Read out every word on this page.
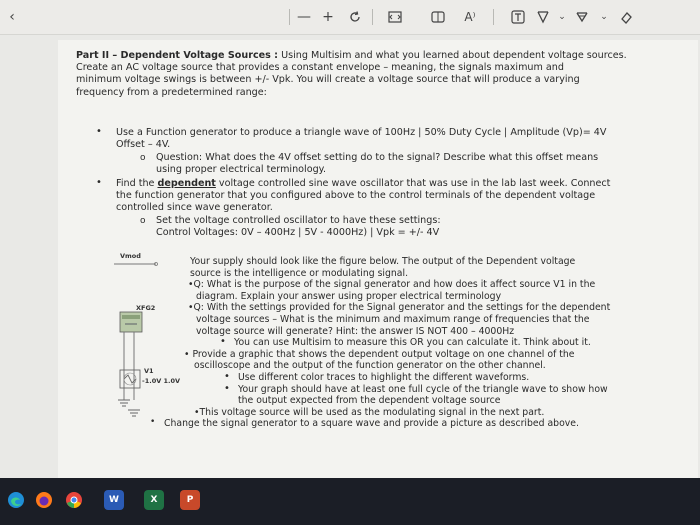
‹	— +	A⁾	⌄	⌄
Part II – Dependent Voltage Sources : Using Multisim and what you learned about dependent voltage sources.
Create an AC voltage source that provides a constant envelope – meaning, the signals maximum and
minimum voltage swings is between +/- Vpk. You will create a voltage source that will produce a varying
frequency from a predetermined range:
• Use a Function generator to produce a triangle wave of 100Hz | 50% Duty Cycle | Amplitude (Vp)= 4V
Offset – 4V.
o Question: What does the 4V offset setting do to the signal? Describe what this offset means
using proper electrical terminology.
• Find the dependent voltage controlled sine wave oscillator that was use in the lab last week. Connect
the function generator that you configured above to the control terminals of the dependent voltage
controlled since wave generator.
o Set the voltage controlled oscillator to have these settings:
Control Voltages: 0V – 400Hz | 5V - 4000Hz) | Vpk = +/- 4V
Vmod
XFG2
V1
-1.0V 1.0V
Your supply should look like the figure below. The output of the Dependent voltage
source is the intelligence or modulating signal.
•Q: What is the purpose of the signal generator and how does it affect source V1 in the
diagram. Explain your answer using proper electrical terminology
•Q: With the settings provided for the Signal generator and the settings for the dependent
voltage sources – What is the minimum and maximum range of frequencies that the
voltage source will generate? Hint: the answer IS NOT 400 – 4000Hz
• You can use Multisim to measure this OR you can calculate it. Think about it.
• Provide a graphic that shows the dependent output voltage on one channel of the
oscilloscope and the output of the function generator on the other channel.
• Use different color traces to highlight the different waveforms.
• Your graph should have at least one full cycle of the triangle wave to show how
the output expected from the dependent voltage source
•This voltage source will be used as the modulating signal in the next part.
• Change the signal generator to a square wave and provide a picture as described above.
W	X	P
